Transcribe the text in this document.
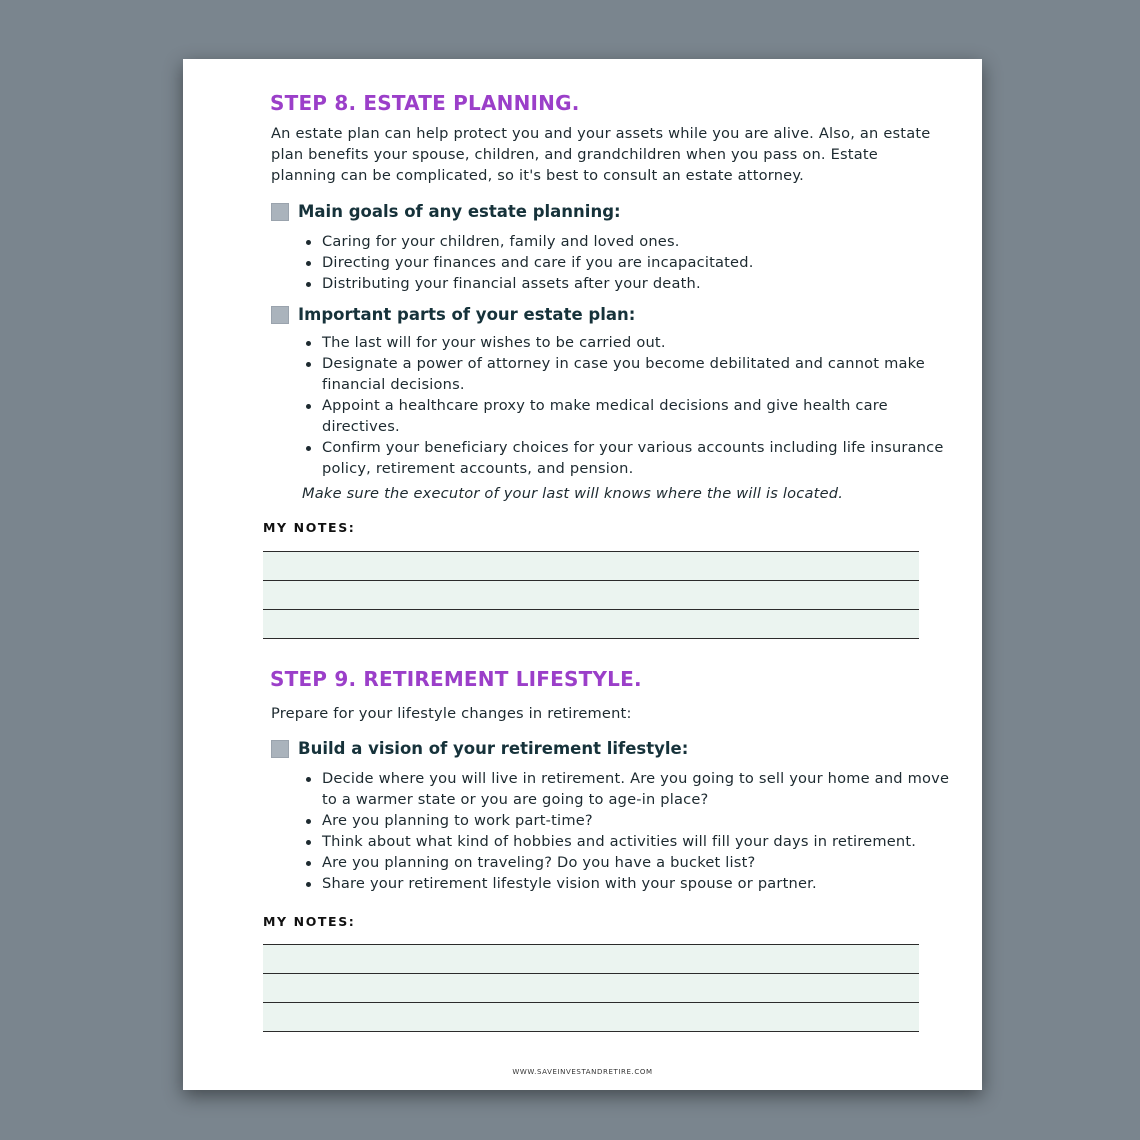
STEP 8. ESTATE PLANNING.

An estate plan can help protect you and your assets while you are alive. Also, an estate plan benefits your spouse, children, and grandchildren when you pass on. Estate planning can be complicated, so it's best to consult an estate attorney.

Main goals of any estate planning:
Caring for your children, family and loved ones.
Directing your finances and care if you are incapacitated.
Distributing your financial assets after your death.
Important parts of your estate plan:
The last will for your wishes to be carried out.
Designate a power of attorney in case you become debilitated and cannot make financial decisions.
Appoint a healthcare proxy to make medical decisions and give health care directives.
Confirm your beneficiary choices for your various accounts including life insurance policy, retirement accounts, and pension.

Make sure the executor of your last will knows where the will is located.

MY NOTES:

STEP 9. RETIREMENT LIFESTYLE.

Prepare for your lifestyle changes in retirement:

Build a vision of your retirement lifestyle:
Decide where you will live in retirement. Are you going to sell your home and move to a warmer state or you are going to age-in place?
Are you planning to work part-time?
Think about what kind of hobbies and activities will fill your days in retirement.
Are you planning on traveling? Do you have a bucket list?
Share your retirement lifestyle vision with your spouse or partner.

MY NOTES:

WWW.SAVEINVESTANDRETIRE.COM
